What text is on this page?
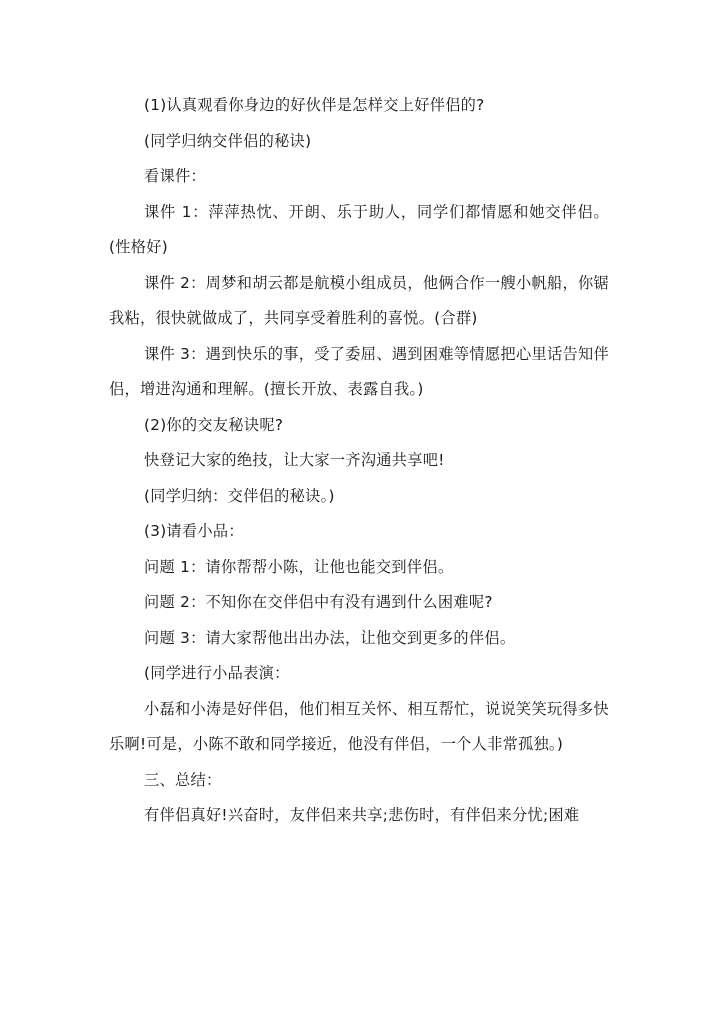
(1)认真观看你身边的好伙伴是怎样交上好伴侣的?

(同学归纳交伴侣的秘诀)

看课件：

课件 1：萍萍热忱、开朗、乐于助人，同学们都情愿和她交伴侣。(性格好)

课件 2：周梦和胡云都是航模小组成员，他俩合作一艘小帆船，你锯我粘，很快就做成了，共同享受着胜利的喜悦。(合群)

课件 3：遇到快乐的事，受了委屈、遇到困难等情愿把心里话告知伴侣，增进沟通和理解。(擅长开放、表露自我。)

(2)你的交友秘诀呢?

快登记大家的绝技，让大家一齐沟通共享吧!

(同学归纳：交伴侣的秘诀。)

(3)请看小品：

问题 1：请你帮帮小陈，让他也能交到伴侣。

问题 2：不知你在交伴侣中有没有遇到什么困难呢?

问题 3：请大家帮他出出办法，让他交到更多的伴侣。

(同学进行小品表演：

小磊和小涛是好伴侣，他们相互关怀、相互帮忙，说说笑笑玩得多快乐啊!可是，小陈不敢和同学接近，他没有伴侣，一个人非常孤独。)

三、总结：

有伴侣真好!兴奋时，友伴侣来共享;悲伤时，有伴侣来分忧;困难
